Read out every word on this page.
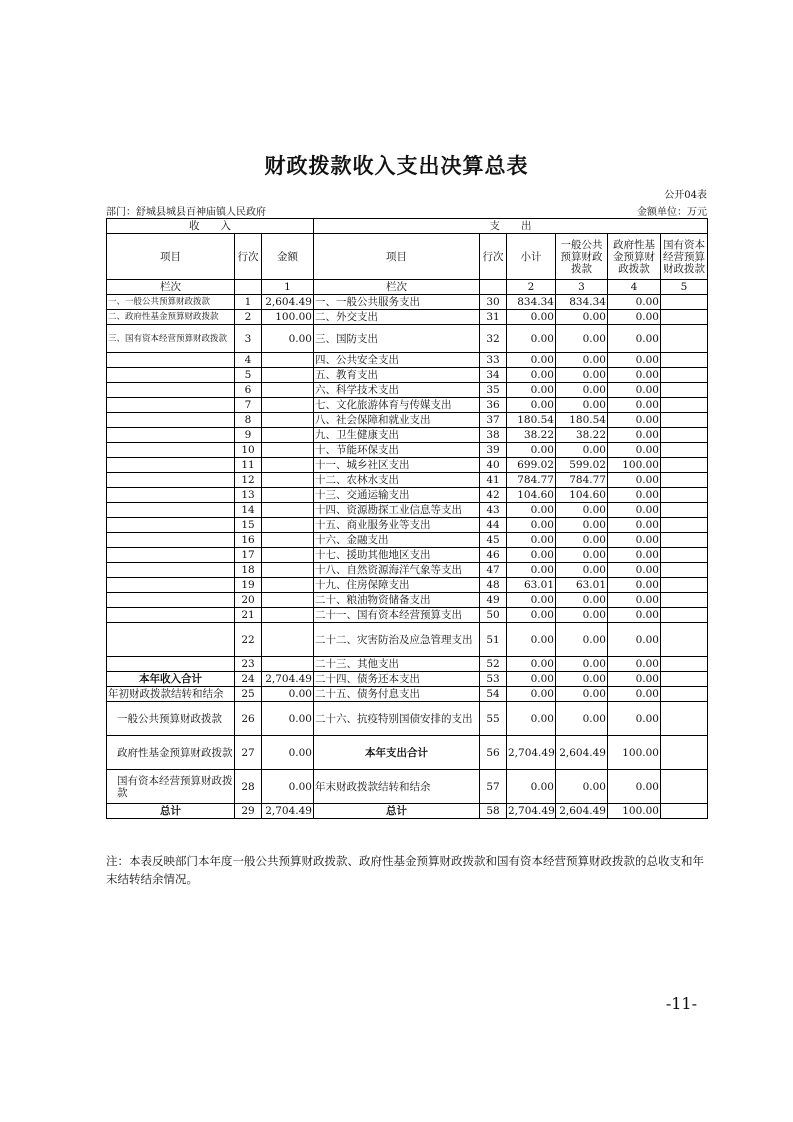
财政拨款收入支出决算总表
公开04表
部门：舒城县城县百神庙镇人民政府	金额单位：万元
收　　入			支　　出					
项目	行次	金额	项目	行次	小计	一般公共预算财政拨款	政府性基金预算财政拨款	国有资本经营预算财政拨款
栏次		1	栏次		2	3	4	5
一、一般公共预算财政拨款	1	2,604.49	一、一般公共服务支出	30	834.34	834.34	0.00	
二、政府性基金预算财政拨款	2	100.00	二、外交支出	31	0.00	0.00	0.00	
三、国有资本经营预算财政拨款	3	0.00	三、国防支出	32	0.00	0.00	0.00	
	4		四、公共安全支出	33	0.00	0.00	0.00	
	5		五、教育支出	34	0.00	0.00	0.00	
	6		六、科学技术支出	35	0.00	0.00	0.00	
	7		七、文化旅游体育与传媒支出	36	0.00	0.00	0.00	
	8		八、社会保障和就业支出	37	180.54	180.54	0.00	
	9		九、卫生健康支出	38	38.22	38.22	0.00	
	10		十、节能环保支出	39	0.00	0.00	0.00	
	11		十一、城乡社区支出	40	699.02	599.02	100.00	
	12		十二、农林水支出	41	784.77	784.77	0.00	
	13		十三、交通运输支出	42	104.60	104.60	0.00	
	14		十四、资源勘探工业信息等支出	43	0.00	0.00	0.00	
	15		十五、商业服务业等支出	44	0.00	0.00	0.00	
	16		十六、金融支出	45	0.00	0.00	0.00	
	17		十七、援助其他地区支出	46	0.00	0.00	0.00	
	18		十八、自然资源海洋气象等支出	47	0.00	0.00	0.00	
	19		十九、住房保障支出	48	63.01	63.01	0.00	
	20		二十、粮油物资储备支出	49	0.00	0.00	0.00	
	21		二十一、国有资本经营预算支出	50	0.00	0.00	0.00	
	22		二十二、灾害防治及应急管理支出	51	0.00	0.00	0.00	
	23		二十三、其他支出	52	0.00	0.00	0.00	
本年收入合计	24	2,704.49	二十四、债务还本支出	53	0.00	0.00	0.00	
年初财政拨款结转和结余	25	0.00	二十五、债务付息支出	54	0.00	0.00	0.00	
一般公共预算财政拨款	26	0.00	二十六、抗疫特别国债安排的支出	55	0.00	0.00	0.00	
政府性基金预算财政拨款	27	0.00	本年支出合计	56	2,704.49	2,604.49	100.00	
国有资本经营预算财政拨款	28	0.00	年末财政拨款结转和结余	57	0.00	0.00	0.00	
总计	29	2,704.49	总计	58	2,704.49	2,604.49	100.00	
注：本表反映部门本年度一般公共预算财政拨款、政府性基金预算财政拨款和国有资本经营预算财政拨款的总收支和年末结转结余情况。
-11-
